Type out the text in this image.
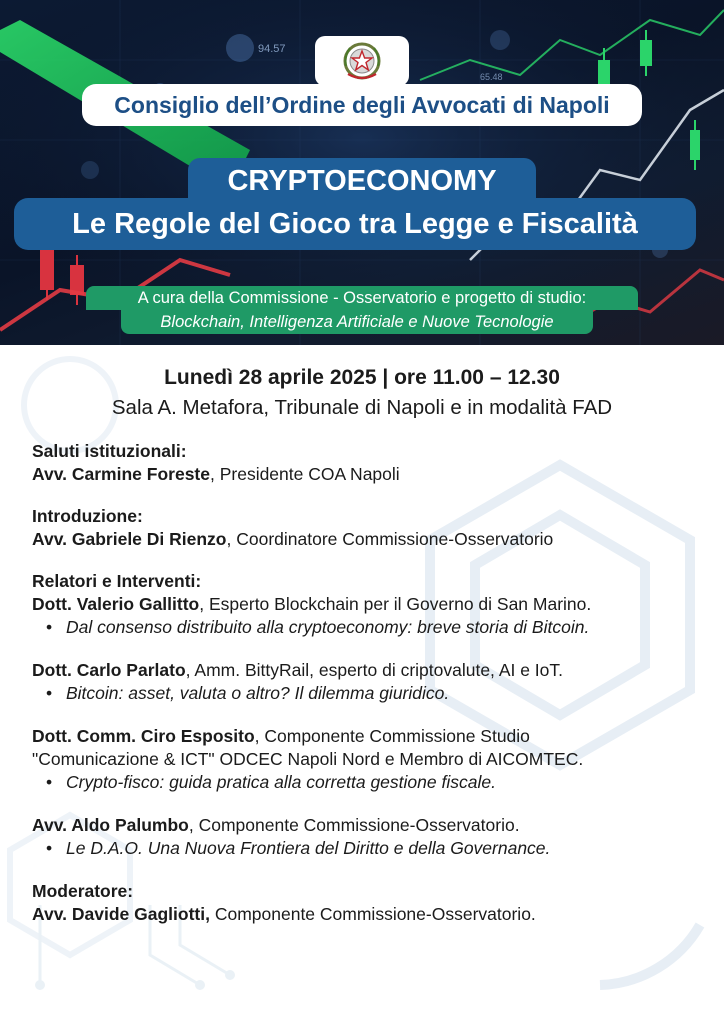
94.57
65.48
Consiglio dell’Ordine degli Avvocati di Napoli
CRYPTOECONOMY
Le Regole del Gioco tra Legge e Fiscalità
A cura della Commissione - Osservatorio e progetto di studio:
Blockchain, Intelligenza Artificiale e Nuove Tecnologie
Lunedì 28 aprile 2025 | ore 11.00 – 12.30
Sala A. Metafora, Tribunale di Napoli e in modalità FAD
Saluti istituzionali:
Avv. Carmine Foreste, Presidente COA Napoli
Introduzione:
Avv. Gabriele Di Rienzo, Coordinatore Commissione-Osservatorio
Relatori e Interventi:
Dott. Valerio Gallitto, Esperto Blockchain per il Governo di San Marino.
• Dal consenso distribuito alla cryptoeconomy: breve storia di Bitcoin.
Dott. Carlo Parlato, Amm. BittyRail, esperto di criptovalute, AI e IoT.
• Bitcoin: asset, valuta o altro? Il dilemma giuridico.
Dott. Comm. Ciro Esposito, Componente Commissione Studio
"Comunicazione & ICT" ODCEC Napoli Nord e Membro di AICOMTEC.
• Crypto-fisco: guida pratica alla corretta gestione fiscale.
Avv. Aldo Palumbo, Componente Commissione-Osservatorio.
• Le D.A.O. Una Nuova Frontiera del Diritto e della Governance.
Moderatore:
Avv. Davide Gagliotti, Componente Commissione-Osservatorio.
